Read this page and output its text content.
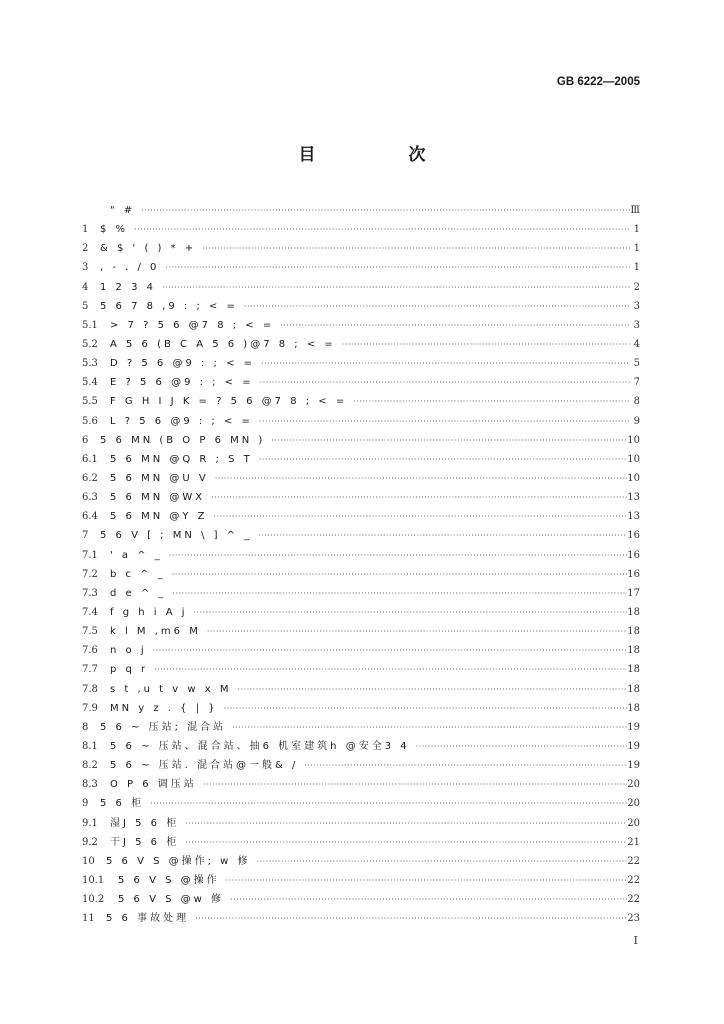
GB 6222—2005
目　次
" # ·····	Ⅲ
1	$ % ·····	1
2	& $ ' ( ) * + ·····	1
3	, - . / 0 ·····	1
4	1 2 3 4 ·····	2
5	5 6 7 8 ,9 : ; < = ·····	3
5.1	> 7 ? 5 6 @7 8 ; < = ·····	3
5.2	A 5 6 (B C A 5 6 )@7 8 ; < = ·····	4
5.3	D ? 5 6 @9 : ; < = ·····	5
5.4	E ? 5 6 @9 : ; < = ·····	7
5.5	F G H I J K = ? 5 6 @7 8 ; < = ·····	8
5.6	L ? 5 6 @9 : ; < = ·····	9
6	5 6 MN (B O P 6 MN ) ·····	10
6.1	5 6 MN @Q R ; S T ·····	10
6.2	5 6 MN @U V ·····	10
6.3	5 6 MN @WX ·····	13
6.4	5 6 MN @Y Z ·····	13
7	5 6 V [ ; MN \ ] ^ _ ·····	16
7.1	' a ^ _ ·····	16
7.2	b c ^ _ ·····	16
7.3	d e ^ _ ·····	17
7.4	f g h i A j ·····	18
7.5	k l M ,m6 M ·····	18
7.6	n o j ·····	18
7.7	p q r ·····	18
7.8	s t ,u t v w x M ·····	18
7.9	MN y z . { | } ·····	18
8	5 6 ~ 压站; 混合站 ·····	19
8.1	5 6 ~ 压站、混合站、抽6 机室建筑h @安全3 4 ·····	19
8.2	5 6 ~ 压站. 混合站@一般& / ·····	19
8.3	O P 6 调压站 ·····	20
9	5 6 柜 ·····	20
9.1	湿J 5 6 柜 ·····	20
9.2	干J 5 6 柜 ·····	21
10	5 6 V S @操作; w 修 ·····	22
10.1	5 6 V S @操作 ·····	22
10.2	5 6 V S @w 修 ·····	22
11	5 6 事故处理 ·····	23
I
